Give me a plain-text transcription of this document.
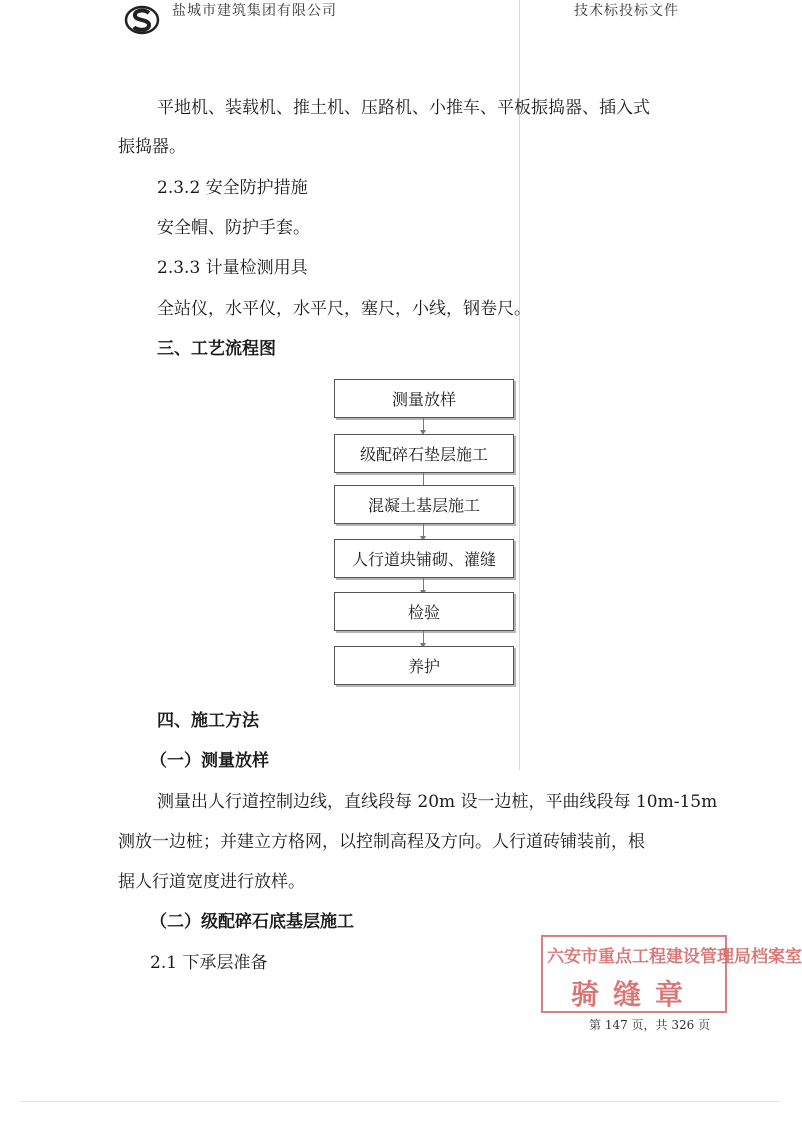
盐城市建筑集团有限公司	技术标投标文件
平地机、装载机、推土机、压路机、小推车、平板振捣器、插入式
振捣器。
2.3.2 安全防护措施
安全帽、防护手套。
2.3.3 计量检测用具
全站仪，水平仪，水平尺，塞尺，小线，钢卷尺。
三、工艺流程图
测量放样
级配碎石垫层施工
混凝土基层施工
人行道块铺砌、灌缝
检验
养护
四、施工方法
（一）测量放样
测量出人行道控制边线，直线段每 20m 设一边桩，平曲线段每 10m-15m
测放一边桩；并建立方格网，以控制高程及方向。人行道砖铺装前，根
据人行道宽度进行放样。
（二）级配碎石底基层施工
2.1 下承层准备	六安市重点工程建设管理局档案室
骑缝章
第 147 页，共 326 页
